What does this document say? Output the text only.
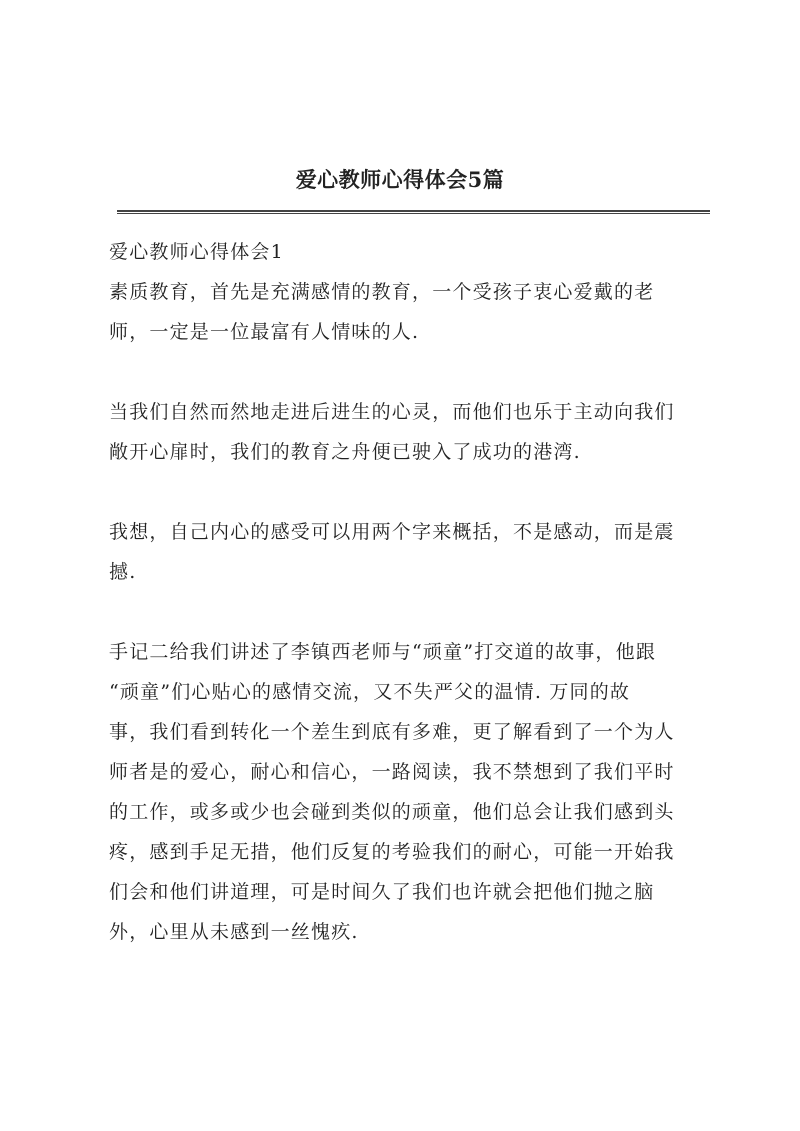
爱心教师心得体会5篇

爱心教师心得体会1

素质教育，首先是充满感情的教育，一个受孩子衷心爱戴的老
师，一定是一位最富有人情味的人.
当我们自然而然地走进后进生的心灵，而他们也乐于主动向我们
敞开心扉时，我们的教育之舟便已驶入了成功的港湾.
我想，自己内心的感受可以用两个字来概括，不是感动，而是震
撼.
手记二给我们讲述了李镇西老师与“顽童”打交道的故事，他跟
“顽童”们心贴心的感情交流，又不失严父的温情. 万同的故
事，我们看到转化一个差生到底有多难，更了解看到了一个为人
师者是的爱心，耐心和信心，一路阅读，我不禁想到了我们平时
的工作，或多或少也会碰到类似的顽童，他们总会让我们感到头
疼，感到手足无措，他们反复的考验我们的耐心，可能一开始我
们会和他们讲道理，可是时间久了我们也许就会把他们抛之脑
外，心里从未感到一丝愧疚.
